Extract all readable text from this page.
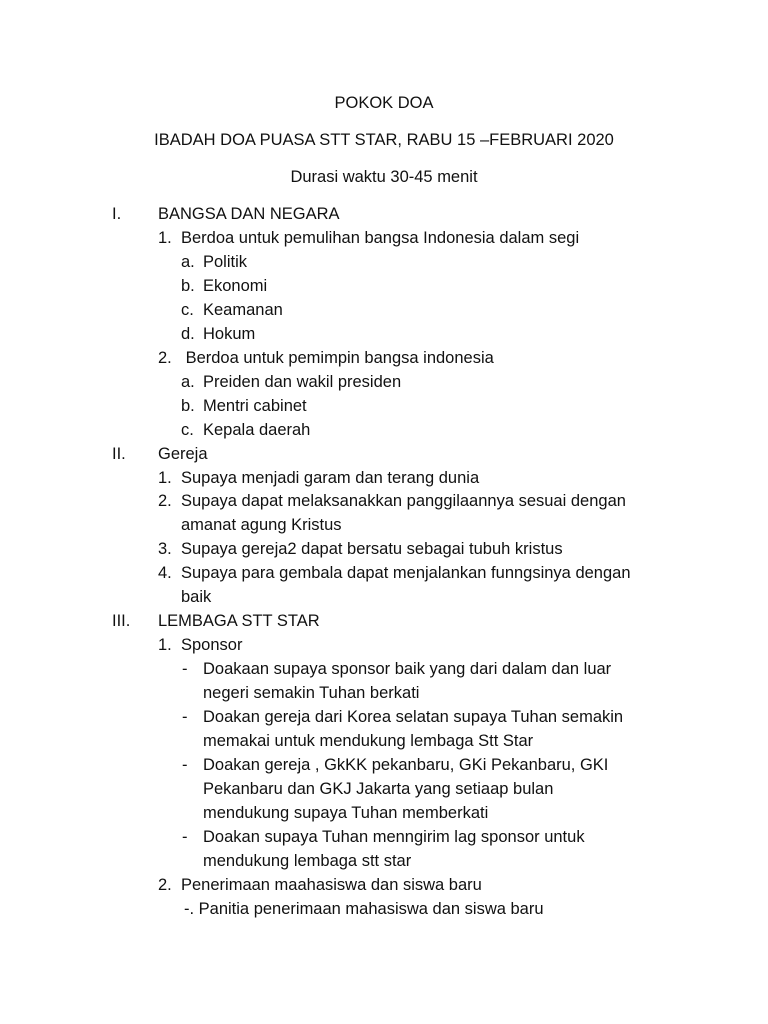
POKOK DOA
IBADAH DOA PUASA STT STAR, RABU 15 –FEBRUARI 2020
Durasi waktu 30-45 menit
I. BANGSA DAN NEGARA
1. Berdoa untuk pemulihan bangsa Indonesia dalam segi
a. Politik
b. Ekonomi
c. Keamanan
d. Hokum
2. Berdoa untuk pemimpin bangsa indonesia
a. Preiden dan wakil presiden
b. Mentri cabinet
c. Kepala daerah
II. Gereja
1. Supaya menjadi garam dan terang dunia
2. Supaya dapat melaksanakkan panggilaannya sesuai dengan
amanat agung Kristus
3. Supaya gereja2 dapat bersatu sebagai tubuh kristus
4. Supaya para gembala dapat menjalankan funngsinya dengan
baik
III. LEMBAGA STT STAR
1. Sponsor
- Doakaan supaya sponsor baik yang dari dalam dan luar
negeri semakin Tuhan berkati
- Doakan gereja dari Korea selatan supaya Tuhan semakin
memakai untuk mendukung lembaga Stt Star
- Doakan gereja , GkKK pekanbaru, GKi Pekanbaru, GKI
Pekanbaru dan GKJ Jakarta yang setiaap bulan
mendukung supaya Tuhan memberkati
- Doakan supaya Tuhan menngirim lag sponsor untuk
mendukung lembaga stt star
2. Penerimaan maahasiswa dan siswa baru
-. Panitia penerimaan mahasiswa dan siswa baru
